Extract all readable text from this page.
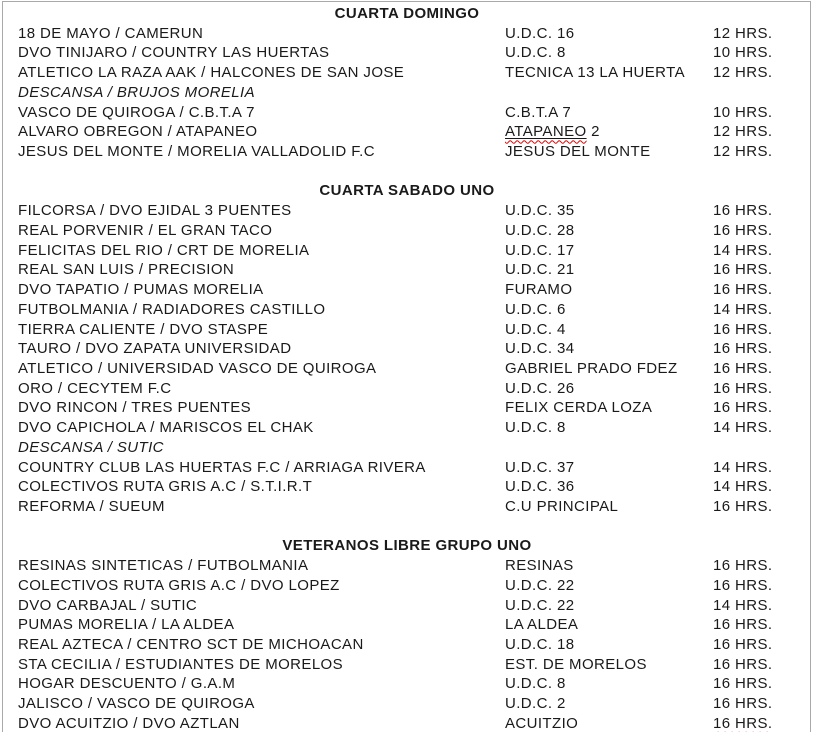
CUARTA DOMINGO
18 DE MAYO / CAMERUN	U.D.C. 16	12 HRS.
DVO TINIJARO / COUNTRY LAS HUERTAS	U.D.C. 8	10 HRS.
ATLETICO LA RAZA AAK / HALCONES DE SAN JOSE	TECNICA 13 LA HUERTA	12 HRS.
DESCANSA / BRUJOS MORELIA
VASCO DE QUIROGA / C.B.T.A 7	C.B.T.A 7	10 HRS.
ALVARO OBREGON / ATAPANEO	ATAPANEO 2	12 HRS.
JESUS DEL MONTE / MORELIA VALLADOLID F.C	JESUS DEL MONTE	12 HRS.
CUARTA SABADO UNO
FILCORSA / DVO EJIDAL 3 PUENTES	U.D.C. 35	16 HRS.
REAL PORVENIR / EL GRAN TACO	U.D.C. 28	16 HRS.
FELICITAS DEL RIO / CRT DE MORELIA	U.D.C. 17	14 HRS.
REAL SAN LUIS / PRECISION	U.D.C. 21	16 HRS.
DVO TAPATIO / PUMAS MORELIA	FURAMO	16 HRS.
FUTBOLMANIA / RADIADORES CASTILLO	U.D.C. 6	14 HRS.
TIERRA CALIENTE / DVO STASPE	U.D.C. 4	16 HRS.
TAURO / DVO ZAPATA UNIVERSIDAD	U.D.C. 34	16 HRS.
ATLETICO / UNIVERSIDAD VASCO DE QUIROGA	GABRIEL PRADO FDEZ	16 HRS.
ORO / CECYTEM F.C	U.D.C. 26	16 HRS.
DVO RINCON / TRES PUENTES	FELIX CERDA LOZA	16 HRS.
DVO CAPICHOLA / MARISCOS EL CHAK	U.D.C. 8	14 HRS.
DESCANSA / SUTIC
COUNTRY CLUB LAS HUERTAS F.C / ARRIAGA RIVERA	U.D.C. 37	14 HRS.
COLECTIVOS RUTA GRIS A.C / S.T.I.R.T	U.D.C. 36	14 HRS.
REFORMA / SUEUM	C.U PRINCIPAL	16 HRS.
VETERANOS LIBRE GRUPO UNO
RESINAS SINTETICAS / FUTBOLMANIA	RESINAS	16 HRS.
COLECTIVOS RUTA GRIS A.C / DVO LOPEZ	U.D.C. 22	16 HRS.
DVO CARBAJAL / SUTIC	U.D.C. 22	14 HRS.
PUMAS MORELIA / LA ALDEA	LA ALDEA	16 HRS.
REAL AZTECA / CENTRO SCT DE MICHOACAN	U.D.C. 18	16 HRS.
STA CECILIA / ESTUDIANTES DE MORELOS	EST. DE MORELOS	16 HRS.
HOGAR DESCUENTO / G.A.M	U.D.C. 8	16 HRS.
JALISCO / VASCO DE QUIROGA	U.D.C. 2	16 HRS.
DVO ACUITZIO / DVO AZTLAN	ACUITZIO	16 HRS.
